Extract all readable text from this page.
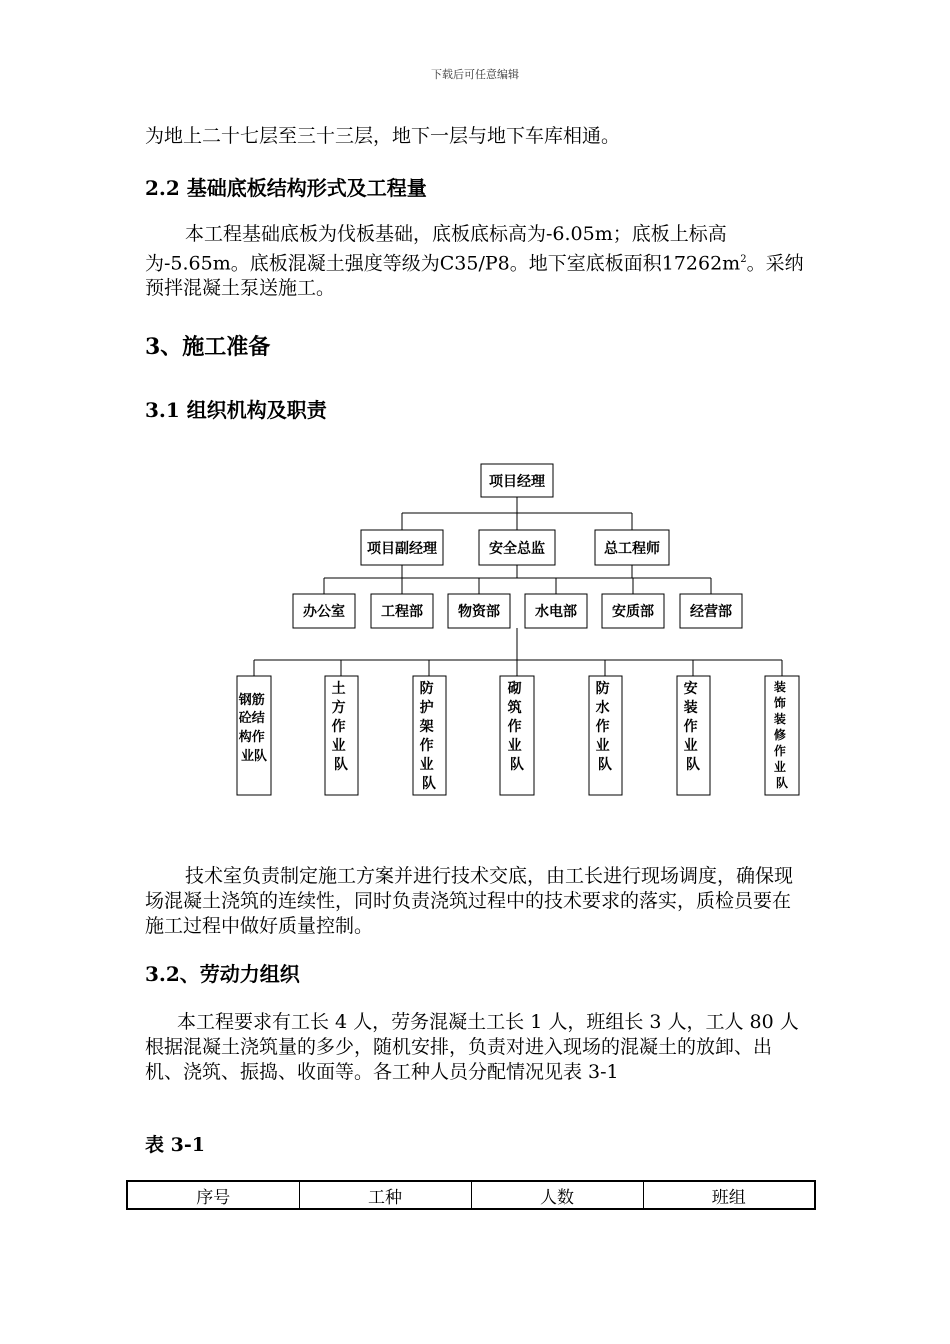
下载后可任意编辑

为地上二十七层至三十三层，地下一层与地下车库相通。

2.2 基础底板结构形式及工程量

本工程基础底板为伐板基础，底板底标高为-6.05m；底板上标高为-5.65m。底板混凝土强度等级为C35/P8。地下室底板面积$17262m^2$。采纳预拌混凝土泵送施工。

3、施工准备
3.1 组织机构及职责
项目经理
项目副经理	安全总监	总工程师
办公室	工程部	物资部	水电部	安质部	经营部
钢筋 砼结 构作 业队
土 方 作 业 队
防 护 架 作 业 队
砌 筑 作 业 队
防 水 作 业 队
安 装 作 业 队
装 饰 装 修 作 业 队

技术室负责制定施工方案并进行技术交底，由工长进行现场调度，确保现场混凝土浇筑的连续性，同时负责浇筑过程中的技术要求的落实，质检员要在施工过程中做好质量控制。

3.2、劳动力组织

本工程要求有工长 4 人，劳务混凝土工长 1 人，班组长 3 人，工人 80 人根据混凝土浇筑量的多少，随机安排，负责对进入现场的混凝土的放卸、出机、浇筑、振捣、收面等。各工种人员分配情况见表 3-1

表 3-1
序号	工种	人数	班组
